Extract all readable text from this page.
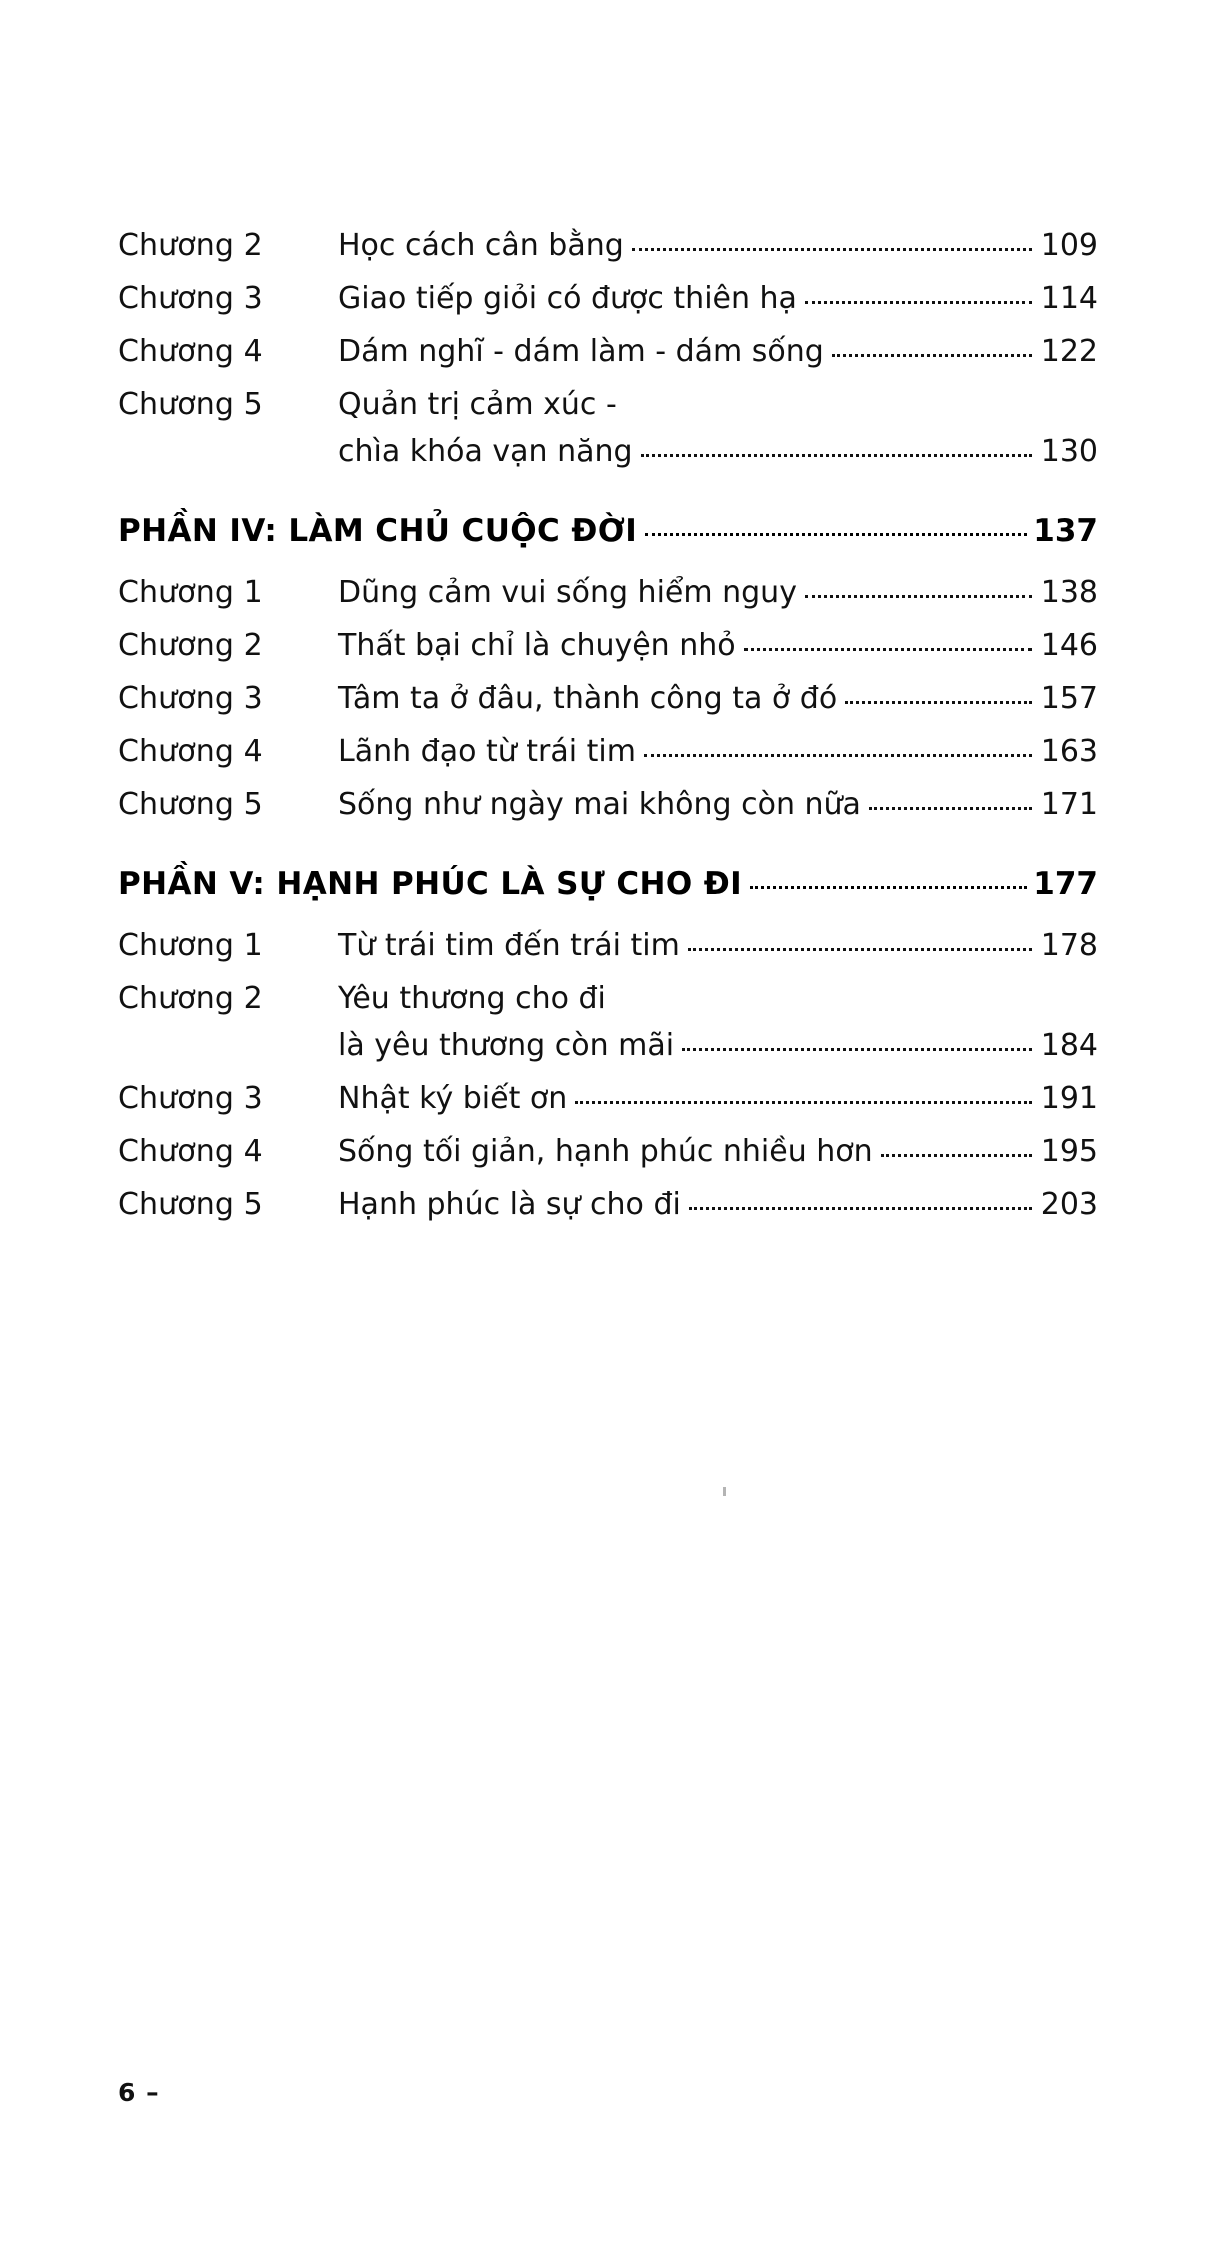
Chương 2	Học cách cân bằng	109
Chương 3	Giao tiếp giỏi có được thiên hạ	114
Chương 4	Dám nghĩ - dám làm - dám sống	122
Chương 5	Quản trị cảm xúc -
chìa khóa vạn năng	130
PHẦN IV: LÀM CHỦ CUỘC ĐỜI	137
Chương 1	Dũng cảm vui sống hiểm nguy	138
Chương 2	Thất bại chỉ là chuyện nhỏ	146
Chương 3	Tâm ta ở đâu, thành công ta ở đó	157
Chương 4	Lãnh đạo từ trái tim	163
Chương 5	Sống như ngày mai không còn nữa	171
PHẦN V: HẠNH PHÚC LÀ SỰ CHO ĐI	177
Chương 1	Từ trái tim đến trái tim	178
Chương 2	Yêu thương cho đi
là yêu thương còn mãi	184
Chương 3	Nhật ký biết ơn	191
Chương 4	Sống tối giản, hạnh phúc nhiều hơn	195
Chương 5	Hạnh phúc là sự cho đi	203
6 –
